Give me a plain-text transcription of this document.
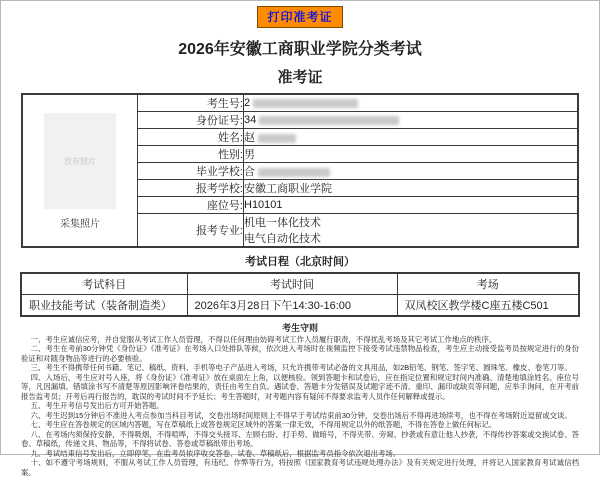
打印准考证
2026年安徽工商职业学院分类考试
准考证
没有照片
采集照片	考生号:	2
	身份证号:	34
	姓名:	赵
	性别:	男
	毕业学校:	合
	报考学校:	安徽工商职业学院
	座位号:	H10101
	报考专业:	机电一体化技术
电气自动化技术
考试日程（北京时间）
考试科目	考试时间	考场
职业技能考试（装备制造类）	2026年3月28日下午14:30-16:00	双凤校区教学楼C座五楼C501
考生守则

一、考生应诚信应考，并自觉服从考试工作人员管理，不得以任何理由妨碍考试工作人员履行职责，不得扰乱考场及其它考试工作地点的秩序。

二、考生在考前30分钟凭《身份证》《准考证》在考场入口处排队等候，依次进入考场时在视频监控下接受考试违禁物品检查，考生应主动接受监考员按规定进行的身份验证和对随身物品等进行的必要核验。

三、考生不得携带任何书籍、笔记、稿纸、资料、手机等电子产品进入考场，只允许携带考试必备的文具用品，如2B铅笔、钢笔、签字笔、圆珠笔、橡皮、卷笔刀等。

四、入场后，考生应对号入座，将《身份证》《准考证》放在桌面左上角，以便核验。领到答题卡和试卷后，应在指定位置和规定时间内准确、清楚地填涂姓名、座位号等，凡因漏填、错填涂书写不清楚等原因影响评卷结果的，责任由考生自负。遇试卷、答题卡分发错误及试题字迹不清、重印、漏印或缺页等问题，应举手询问，在开考前报告监考员；开考后再行报告的，耽误的考试时间不予延长；考生答题时，对考题内容有疑问不得要求监考人员作任何解释或提示。

五、考生开考信号发出后方可开始答题。

六、考生迟到15分钟后不准进入考点参加当科目考试，交卷出场时间原则上不得早于考试结束前30分钟，交卷出场后不得再进场续考，也不得在考场附近逗留或交谈。

七、考生应在答卷规定的区域内答题，写在草稿纸上或答卷规定区域外的答案一律无效，不得用规定以外的纸答题，不得在答卷上做任何标记。

八、在考场内须保持安静，不得吸烟，不得喧哗，不得交头接耳、左顾右盼、打手势、做暗号，不得夹带、旁窥、抄袭或有意让他人抄袭，不得传抄答案或交换试卷、答卷、草稿纸，传递文具、物品等，不得将试卷、答卷或草稿纸带出考场。

九、考试结束信号发出后，立即停笔，在监考员依序收交答卷、试卷、草稿纸后，根据监考员指令依次退出考场。

十、如不遵守考场规则，不服从考试工作人员管理，有违纪、作弊等行为，将按照《国家教育考试违规处理办法》及有关规定进行处理，并将记入国家教育考试诚信档案。
